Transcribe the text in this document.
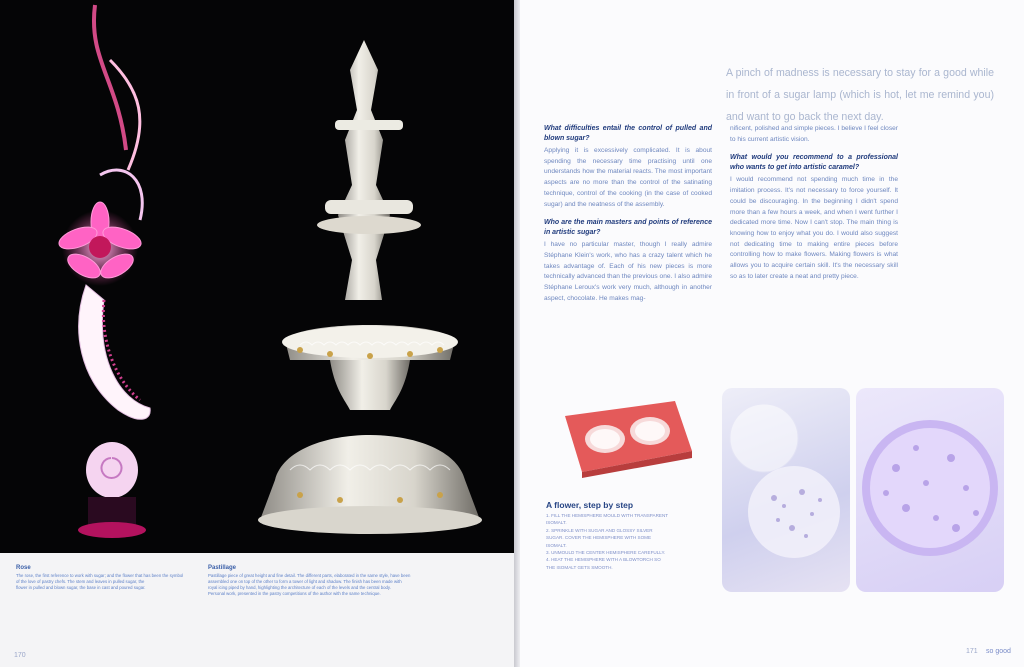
Rose
The rose, the first reference to work with sugar; and the flower that has been the symbol
of the love of pastry chefs. The stem and leaves in pulled sugar, the
flower in pulled and blown sugar, the base in cast and poured sugar.
Pastillage
Pastillage piece of great height and fine detail. The different parts, elaborated in the same style, have been
assembled one on top of the other to form a tower of light and shadow. The finish has been made with
royal icing piped by hand, highlighting the architecture of each of the levels and the central body.
Personal work, presented in the pastry competitions of the author with the same technique.
170
A pinch of madness is necessary to stay for a good while in front of a sugar lamp (which is hot, let me remind you) and want to go back the next day.
What difficulties entail the control of pulled and blown sugar?

Applying it is excessively complicated. It is about spending the necessary time practising until one understands how the material reacts. The most important aspects are no more than the control of the satinating technique, control of the cooking (in the case of cooked sugar) and the neatness of the assembly.

Who are the main masters and points of reference in artistic sugar?

I have no particular master, though I really admire Stéphane Klein's work, who has a crazy talent which he takes advantage of. Each of his new pieces is more technically advanced than the previous one. I also admire Stéphane Leroux's work very much, although in another aspect, chocolate. He makes mag-

nificent, polished and simple pieces. I believe I feel closer to his current artistic vision.

What would you recommend to a professional who wants to get into artistic caramel?

I would recommend not spending much time in the imitation process. It's not necessary to force yourself. It could be discouraging. In the beginning I didn't spend more than a few hours a week, and when I went further I dedicated more time. Now I can't stop. The main thing is knowing how to enjoy what you do. I would also suggest not dedicating time to making entire pieces before controlling how to make flowers. Making flowers is what allows you to acquire certain skill. It's the necessary skill so as to later create a neat and pretty piece.

A flower, step by step
1. FILL THE HEMISPHERE MOULD WITH TRANSPARENT
ISOMALT.
2. SPRINKLE WITH SUGAR AND GLOSSY SILVER
SUGAR. COVER THE HEMISPHERE WITH SOME
ISOMALT.
3. UNMOULD THE CENTER HEMISPHERE CAREFULLY.
4. HEAT THE HEMISPHERE WITH A BLOWTORCH SO
THE ISOMALT GETS SMOOTH.
171 so good
